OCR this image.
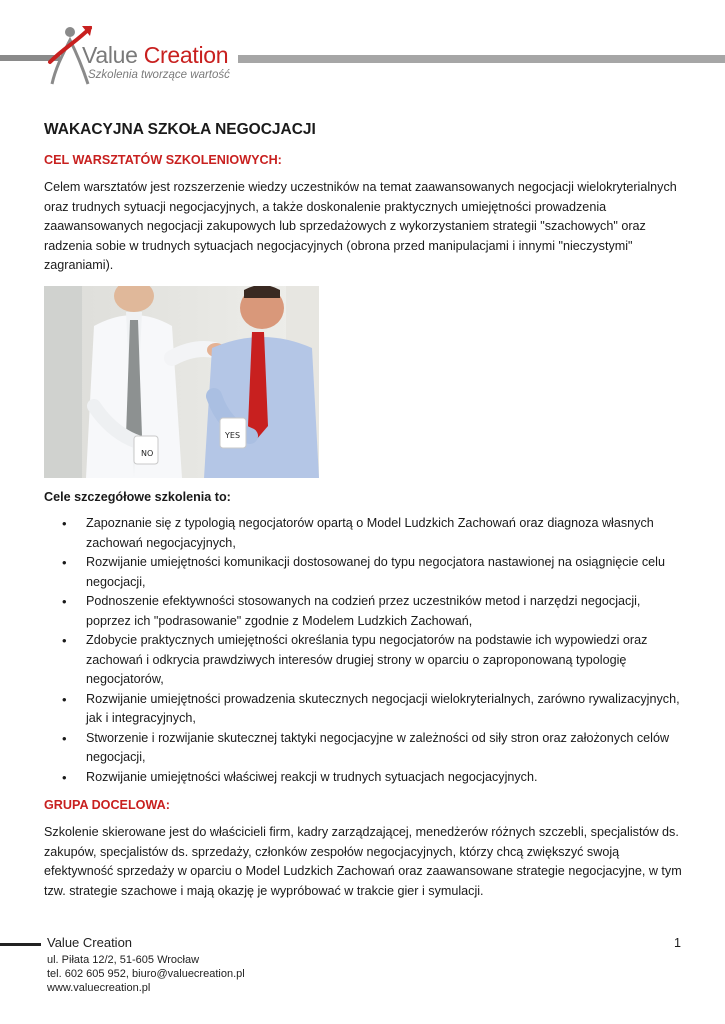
Value Creation
Szkolenia tworzące wartość
WAKACYJNA SZKOŁA NEGOCJACJI
CEL WARSZTATÓW SZKOLENIOWYCH:

Celem warsztatów jest rozszerzenie wiedzy uczestników na temat zaawansowanych negocjacji wielokryterialnych oraz trudnych sytuacji negocjacyjnych, a także doskonalenie praktycznych umiejętności prowadzenia zaawansowanych negocjacji zakupowych lub sprzedażowych z wykorzystaniem strategii "szachowych" oraz radzenia sobie w trudnych sytuacjach negocjacyjnych (obrona przed manipulacjami i innymi "nieczystymi" zagraniami).

NO
YES

Cele szczegółowe szkolenia to:

• Zapoznanie się z typologią negocjatorów opartą o Model Ludzkich Zachowań oraz diagnoza własnych zachowań negocjacyjnych,
• Rozwijanie umiejętności komunikacji dostosowanej do typu negocjatora nastawionej na osiągnięcie celu negocjacji,
• Podnoszenie efektywności stosowanych na codzień przez uczestników metod i narzędzi negocjacji, poprzez ich "podrasowanie" zgodnie z Modelem Ludzkich Zachowań,
• Zdobycie praktycznych umiejętności określania typu negocjatorów na podstawie ich wypowiedzi oraz zachowań i odkrycia prawdziwych interesów drugiej strony w oparciu o zaproponowaną typologię negocjatorów,
• Rozwijanie umiejętności prowadzenia skutecznych negocjacji wielokryterialnych, zarówno rywalizacyjnych, jak i integracyjnych,
• Stworzenie i rozwijanie skutecznej taktyki negocjacyjne w zależności od siły stron oraz założonych celów negocjacji,
• Rozwijanie umiejętności właściwej reakcji w trudnych sytuacjach negocjacyjnych.
GRUPA DOCELOWA:

Szkolenie skierowane jest do właścicieli firm, kadry zarządzającej, menedżerów różnych szczebli, specjalistów ds. zakupów, specjalistów ds. sprzedaży, członków zespołów negocjacyjnych, którzy chcą zwiększyć swoją efektywność sprzedaży w oparciu o Model Ludzkich Zachowań oraz zaawansowane strategie negocjacyjne, w tym tzw. strategie szachowe i mają okazję je wypróbować w trakcie gier i symulacji.

Value Creation
ul. Piłata 12/2, 51-605 Wrocław
tel. 602 605 952, biuro@valuecreation.pl
www.valuecreation.pl
1
